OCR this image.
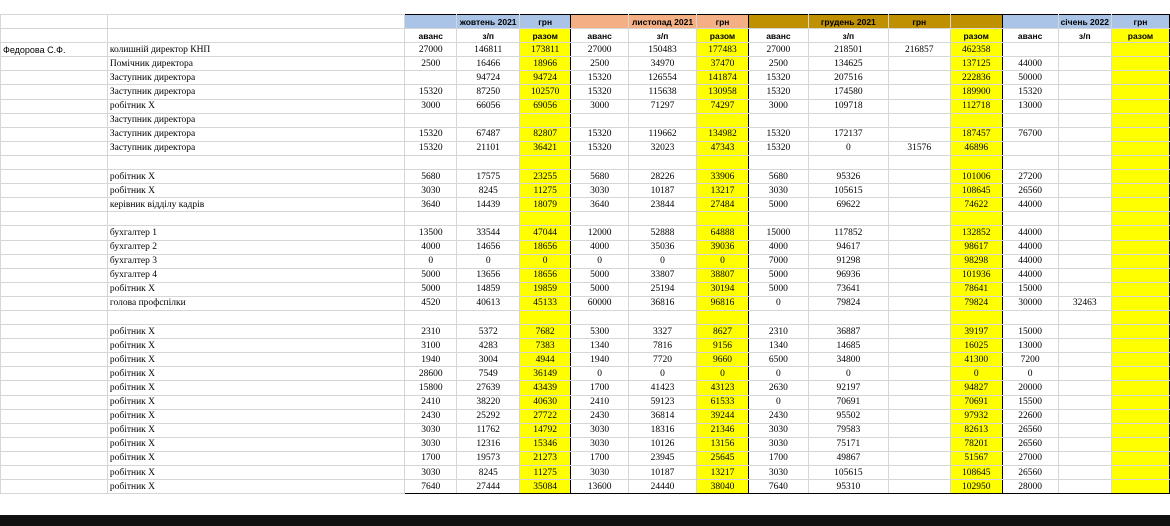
			жовтень 2021	грн		листопад 2021	грн		грудень 2021	грн			січень 2022	грн
		аванс	з/п	разом	аванс	з/п	разом	аванс	з/п		разом	аванс	з/п	разом
Федорова С.Ф.	колишній директор КНП	27000	146811	173811	27000	150483	177483	27000	218501	216857	462358			
	Помічник директора	2500	16466	18966	2500	34970	37470	2500	134625		137125	44000		
	Заступник директора		94724	94724	15320	126554	141874	15320	207516		222836	50000		
	Заступник директора	15320	87250	102570	15320	115638	130958	15320	174580		189900	15320		
	робітник Х	3000	66056	69056	3000	71297	74297	3000	109718		112718	13000		
	Заступник директора													
	Заступник директора	15320	67487	82807	15320	119662	134982	15320	172137		187457	76700		
	Заступник директора	15320	21101	36421	15320	32023	47343	15320	0	31576	46896			

	робітник Х	5680	17575	23255	5680	28226	33906	5680	95326		101006	27200		
	робітник Х	3030	8245	11275	3030	10187	13217	3030	105615		108645	26560		
	керівник відділу кадрів	3640	14439	18079	3640	23844	27484	5000	69622		74622	44000		

	бухгалтер 1	13500	33544	47044	12000	52888	64888	15000	117852		132852	44000		
	бухгалтер 2	4000	14656	18656	4000	35036	39036	4000	94617		98617	44000		
	бухгалтер 3	0	0	0	0	0	0	7000	91298		98298	44000		
	бухгалтер 4	5000	13656	18656	5000	33807	38807	5000	96936		101936	44000		
	робітник Х	5000	14859	19859	5000	25194	30194	5000	73641		78641	15000		
	голова профспілки	4520	40613	45133	60000	36816	96816	0	79824		79824	30000	32463	

	робітник Х	2310	5372	7682	5300	3327	8627	2310	36887		39197	15000		
	робітник Х	3100	4283	7383	1340	7816	9156	1340	14685		16025	13000		
	робітник Х	1940	3004	4944	1940	7720	9660	6500	34800		41300	7200		
	робітник Х	28600	7549	36149	0	0	0	0	0		0	0		
	робітник Х	15800	27639	43439	1700	41423	43123	2630	92197		94827	20000		
	робітник Х	2410	38220	40630	2410	59123	61533	0	70691		70691	15500		
	робітник Х	2430	25292	27722	2430	36814	39244	2430	95502		97932	22600		
	робітник Х	3030	11762	14792	3030	18316	21346	3030	79583		82613	26560		
	робітник Х	3030	12316	15346	3030	10126	13156	3030	75171		78201	26560		
	робітник Х	1700	19573	21273	1700	23945	25645	1700	49867		51567	27000		
	робітник Х	3030	8245	11275	3030	10187	13217	3030	105615		108645	26560		
	робітник Х	7640	27444	35084	13600	24440	38040	7640	95310		102950	28000		
